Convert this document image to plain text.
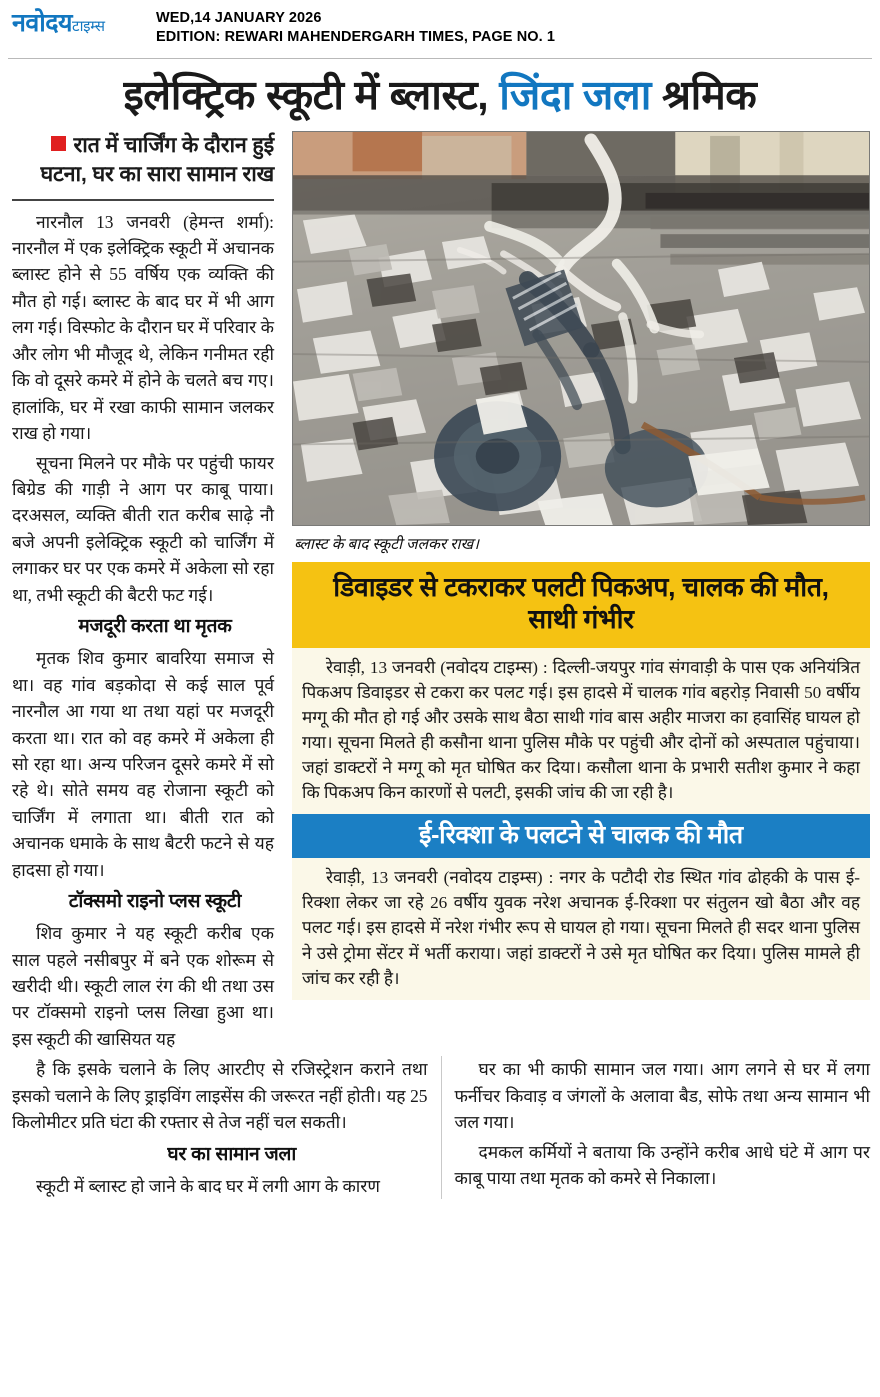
नवोदयटाइम्स	WED,14 JANUARY 2026
EDITION: REWARI MAHENDERGARH TIMES, PAGE NO. 1
इलेक्ट्रिक स्कूटी में ब्लास्ट, जिंदा जला श्रमिक
रात में चार्जिंग के दौरान हुई घटना, घर का सारा सामान राख

नारनौल 13 जनवरी (हेमन्त शर्मा): नारनौल में एक इलेक्ट्रिक स्कूटी में अचानक ब्लास्ट होने से 55 वर्षिय एक व्यक्ति की मौत हो गई। ब्लास्ट के बाद घर में भी आग लग गई। विस्फोट के दौरान घर में परिवार के और लोग भी मौजूद थे, लेकिन गनीमत रही कि वो दूसरे कमरे में होने के चलते बच गए। हालांकि, घर में रखा काफी सामान जलकर राख हो गया।

सूचना मिलने पर मौके पर पहुंची फायर बिग्रेड की गाड़ी ने आग पर काबू पाया। दरअसल, व्यक्ति बीती रात करीब साढ़े नौ बजे अपनी इलेक्ट्रिक स्कूटी को चार्जिंग में लगाकर घर पर एक कमरे में अकेला सो रहा था, तभी स्कूटी की बैटरी फट गई।

मजदूरी करता था मृतक

मृतक शिव कुमार बावरिया समाज से था। वह गांव बड़कोदा से कई साल पूर्व नारनौल आ गया था तथा यहां पर मजदूरी करता था। रात को वह कमरे में अकेला ही सो रहा था। अन्य परिजन दूसरे कमरे में सो रहे थे। सोते समय वह रोजाना स्कूटी को चार्जिंग में लगाता था। बीती रात को अचानक धमाके के साथ बैटरी फटने से यह हादसा हो गया।

टॉक्समो राइनो प्लस स्कूटी

शिव कुमार ने यह स्कूटी करीब एक साल पहले नसीबपुर में बने एक शोरूम से खरीदी थी। स्कूटी लाल रंग की थी तथा उस पर टॉक्समो राइनो प्लस लिखा हुआ था। इस स्कूटी की खासियत यह

ब्लास्ट के बाद स्कूटी जलकर राख।
डिवाइडर से टकराकर पलटी पिकअप, चालक की मौत, साथी गंभीर

रेवाड़ी, 13 जनवरी (नवोदय टाइम्स) : दिल्ली-जयपुर गांव संगवाड़ी के पास एक अनियंत्रित पिकअप डिवाइडर से टकरा कर पलट गई। इस हादसे में चालक गांव बहरोड़ निवासी 50 वर्षीय मग्गू की मौत हो गई और उसके साथ बैठा साथी गांव बास अहीर माजरा का हवासिंह घायल हो गया। सूचना मिलते ही कसौना थाना पुलिस मौके पर पहुंची और दोनों को अस्पताल पहुंचाया। जहां डाक्टरों ने मग्गू को मृत घोषित कर दिया। कसौला थाना के प्रभारी सतीश कुमार ने कहा कि पिकअप किन कारणों से पलटी, इसकी जांच की जा रही है।

ई-रिक्शा के पलटने से चालक की मौत

रेवाड़ी, 13 जनवरी (नवोदय टाइम्स) : नगर के पटौदी रोड स्थित गांव ढोहकी के पास ई-रिक्शा लेकर जा रहे 26 वर्षीय युवक नरेश अचानक ई-रिक्शा पर संतुलन खो बैठा और वह पलट गई। इस हादसे में नरेश गंभीर रूप से घायल हो गया। सूचना मिलते ही सदर थाना पुलिस ने उसे ट्रोमा सेंटर में भर्ती कराया। जहां डाक्टरों ने उसे मृत घोषित कर दिया। पुलिस मामले ही जांच कर रही है।

है कि इसके चलाने के लिए आरटीए से रजिस्ट्रेशन कराने तथा इसको चलाने के लिए ड्राइविंग लाइसेंस की जरूरत नहीं होती। यह 25 किलोमीटर प्रति घंटा की रफ्तार से तेज नहीं चल सकती।

घर का सामान जला

स्कूटी में ब्लास्ट हो जाने के बाद घर में लगी आग के कारण

घर का भी काफी सामान जल गया। आग लगने से घर में लगा फर्नीचर किवाड़ व जंगलों के अलावा बैड, सोफे तथा अन्य सामान भी जल गया।

दमकल कर्मियों ने बताया कि उन्होंने करीब आधे घंटे में आग पर काबू पाया तथा मृतक को कमरे से निकाला।
